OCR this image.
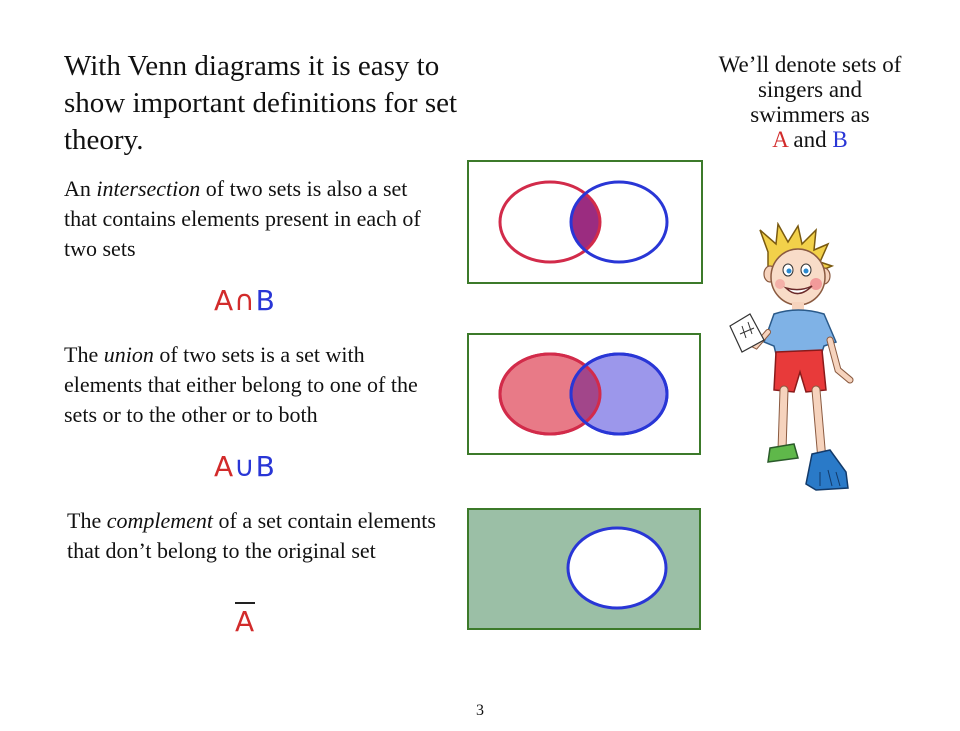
With Venn diagrams it is easy to show important definitions for set theory.
We’ll denote sets of singers and swimmers as
A and B
An intersection of two sets is also a set that contains elements present in each of two sets
A∩B
The union of two sets is a set with elements that either belong to one of the sets or to the other or to both
A∪B
The complement of a set contain elements that don’t belong to the original set
A
3
